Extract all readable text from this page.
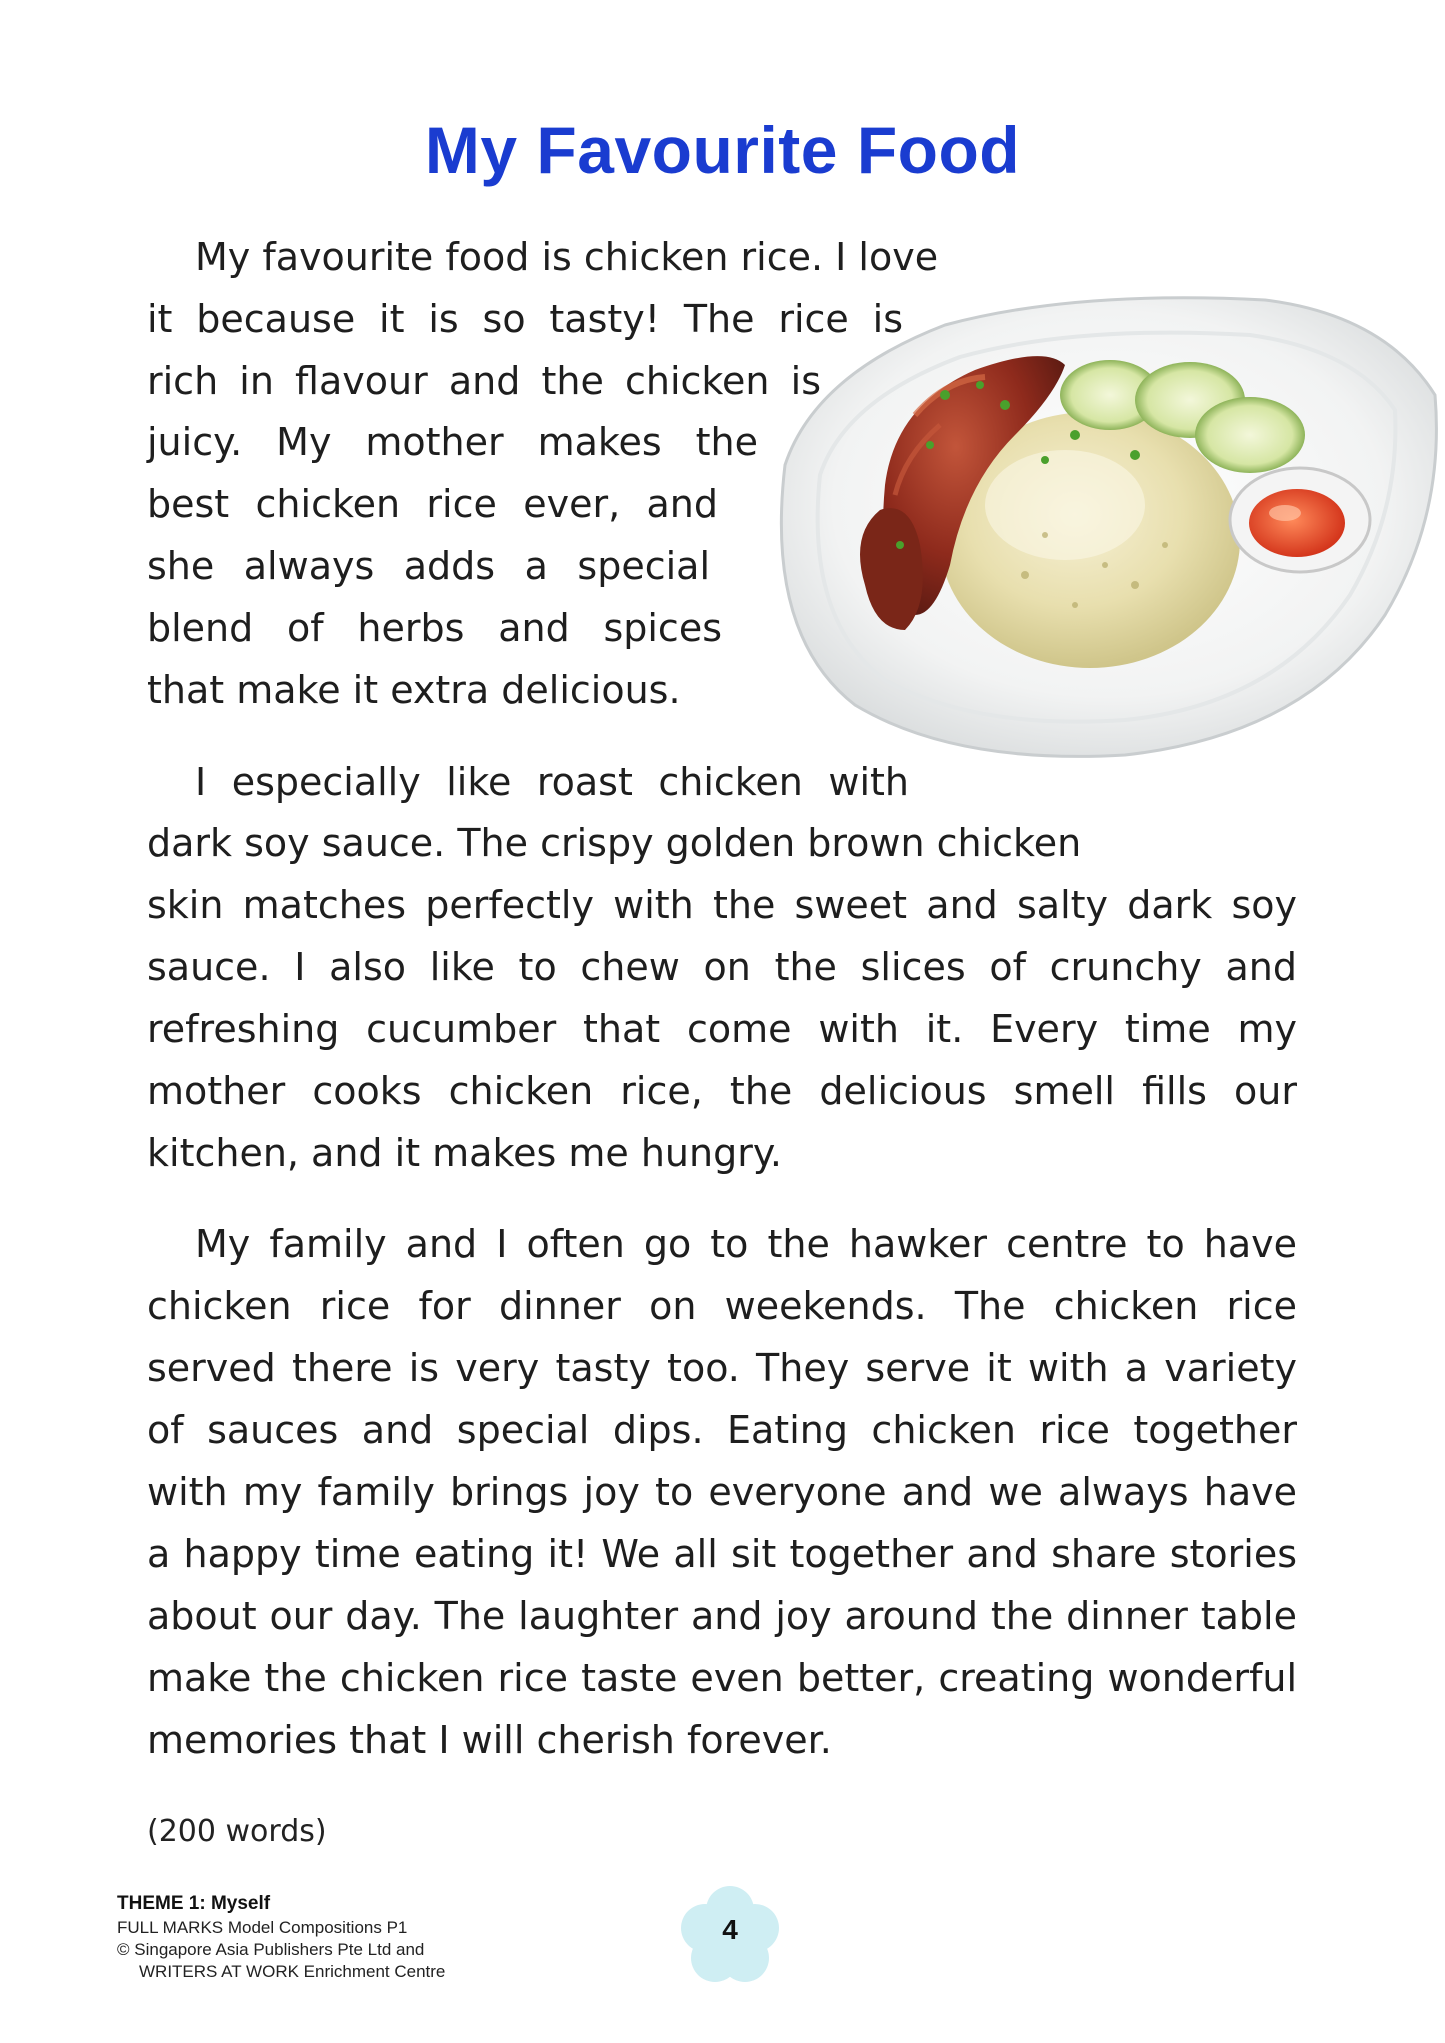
My Favourite Food
My favourite food is chicken rice. I love
it because it is so tasty! The rice is
rich in flavour and the chicken is
juicy. My mother makes the
best chicken rice ever, and
she always adds a special
blend of herbs and spices
that make it extra delicious.
I especially like roast chicken with
dark soy sauce. The crispy golden brown chicken
skin matches perfectly with the sweet and salty dark soy
sauce. I also like to chew on the slices of crunchy and
refreshing cucumber that come with it. Every time my
mother cooks chicken rice, the delicious smell fills our
kitchen, and it makes me hungry.
My family and I often go to the hawker centre to have
chicken rice for dinner on weekends. The chicken rice
served there is very tasty too. They serve it with a variety
of sauces and special dips. Eating chicken rice together
with my family brings joy to everyone and we always have
a happy time eating it! We all sit together and share stories
about our day. The laughter and joy around the dinner table
make the chicken rice taste even better, creating wonderful
memories that I will cherish forever.
(200 words)
THEME 1: Myself
FULL MARKS Model Compositions P1
© Singapore Asia Publishers Pte Ltd and
WRITERS AT WORK Enrichment Centre
4
